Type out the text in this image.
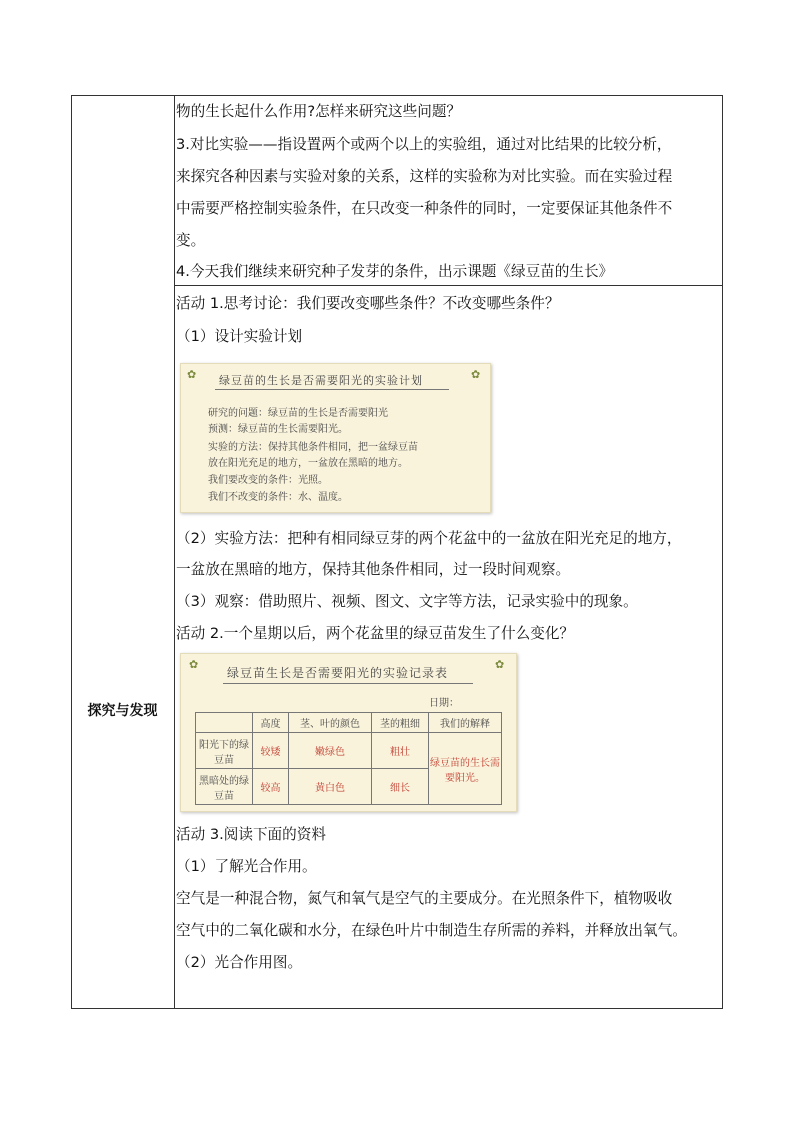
探究与发现
物的生长起什么作用?怎样来研究这些问题？
3.对比实验——指设置两个或两个以上的实验组，通过对比结果的比较分析，
来探究各种因素与实验对象的关系，这样的实验称为对比实验。而在实验过程
中需要严格控制实验条件，在只改变一种条件的同时，一定要保证其他条件不
变。
4.今天我们继续来研究种子发芽的条件，出示课题《绿豆苗的生长》
活动 1.思考讨论：我们要改变哪些条件？不改变哪些条件？
（1）设计实验计划
✿	✿
绿豆苗的生长是否需要阳光的实验计划
研究的问题：绿豆苗的生长是否需要阳光
预测：绿豆苗的生长需要阳光。
实验的方法：保持其他条件相同，把一盆绿豆苗
放在阳光充足的地方，一盆放在黑暗的地方。
我们要改变的条件：光照。
我们不改变的条件：水、温度。
（2）实验方法：把种有相同绿豆芽的两个花盆中的一盆放在阳光充足的地方，
一盆放在黑暗的地方，保持其他条件相同，过一段时间观察。
（3）观察：借助照片、视频、图文、文字等方法，记录实验中的现象。
活动 2.一个星期以后，两个花盆里的绿豆苗发生了什么变化？
✿	✿
绿豆苗生长是否需要阳光的实验记录表
日期：
	高度	茎、叶的颜色	茎的粗细	我们的解释
阳光下的绿豆苗	较矮	嫩绿色	粗壮	绿豆苗的生长需要阳光。
黑暗处的绿豆苗	较高	黄白色	细长	
活动 3.阅读下面的资料
（1）了解光合作用。
空气是一种混合物，氮气和氧气是空气的主要成分。在光照条件下，植物吸收
空气中的二氧化碳和水分，在绿色叶片中制造生存所需的养料，并释放出氧气。
（2）光合作用图。
